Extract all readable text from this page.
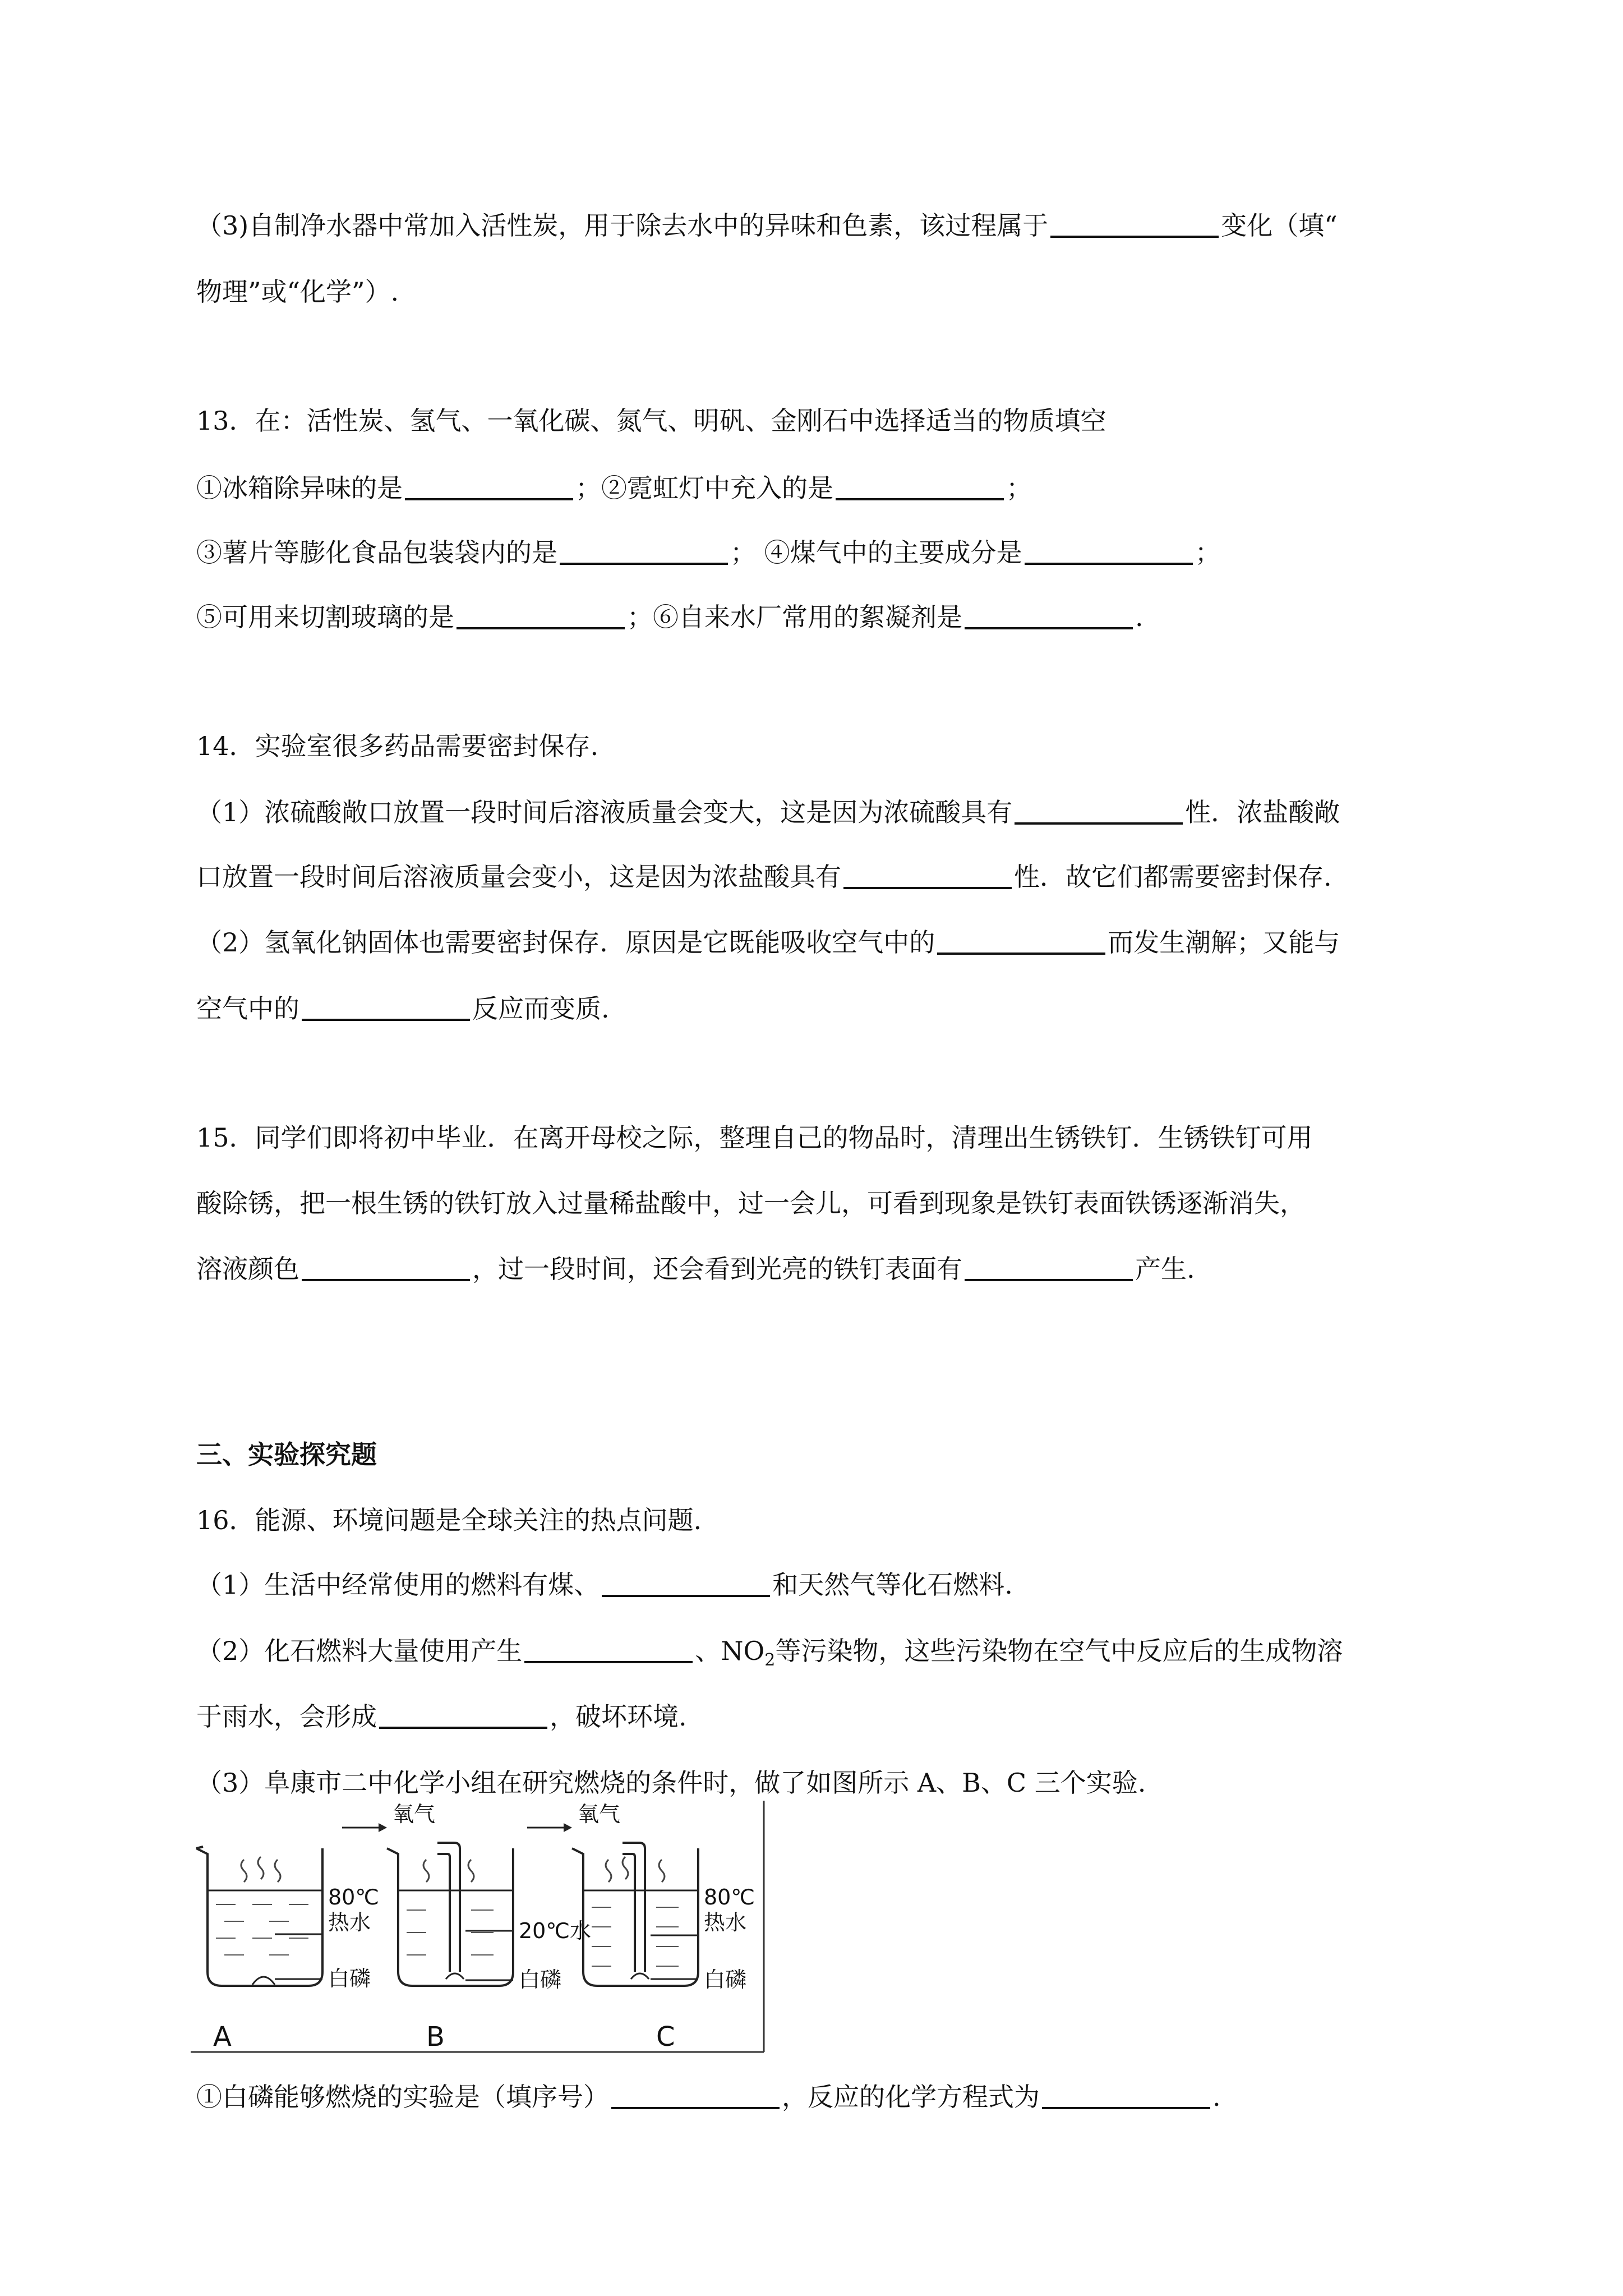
（3)自制净水器中常加入活性炭，用于除去水中的异味和色素，该过程属于	变化（填“
物理”或“化学”）.
13．在：活性炭、氢气、一氧化碳、氮气、明矾、金刚石中选择适当的物质填空
①冰箱除异味的是	；②霓虹灯中充入的是	；
③薯片等膨化食品包装袋内的是	； ④煤气中的主要成分是	；
⑤可用来切割玻璃的是	；⑥自来水厂常用的絮凝剂是	.
14．实验室很多药品需要密封保存.
（1）浓硫酸敞口放置一段时间后溶液质量会变大，这是因为浓硫酸具有	性．浓盐酸敞
口放置一段时间后溶液质量会变小，这是因为浓盐酸具有	性．故它们都需要密封保存.
（2）氢氧化钠固体也需要密封保存．原因是它既能吸收空气中的	而发生潮解；又能与
空气中的	反应而变质.
15．同学们即将初中毕业．在离开母校之际，整理自己的物品时，清理出生锈铁钉．生锈铁钉可用
酸除锈，把一根生锈的铁钉放入过量稀盐酸中，过一会儿，可看到现象是铁钉表面铁锈逐渐消失，
溶液颜色	，过一段时间，还会看到光亮的铁钉表面有	产生.
三、实验探究题
16．能源、环境问题是全球关注的热点问题.
（1）生活中经常使用的燃料有煤、	和天然气等化石燃料.
（2）化石燃料大量使用产生	、$NO_2$等污染物，这些污染物在空气中反应后的生成物溶
于雨水，会形成	，破坏环境.
（3）阜康市二中化学小组在研究燃烧的条件时，做了如图所示 A、B、C 三个实验.
氧气	氧气
80℃
热水
白磷
20℃水
白磷
80℃
热水
白磷
A	B	C
①白磷能够燃烧的实验是（填序号）	，反应的化学方程式为	.
